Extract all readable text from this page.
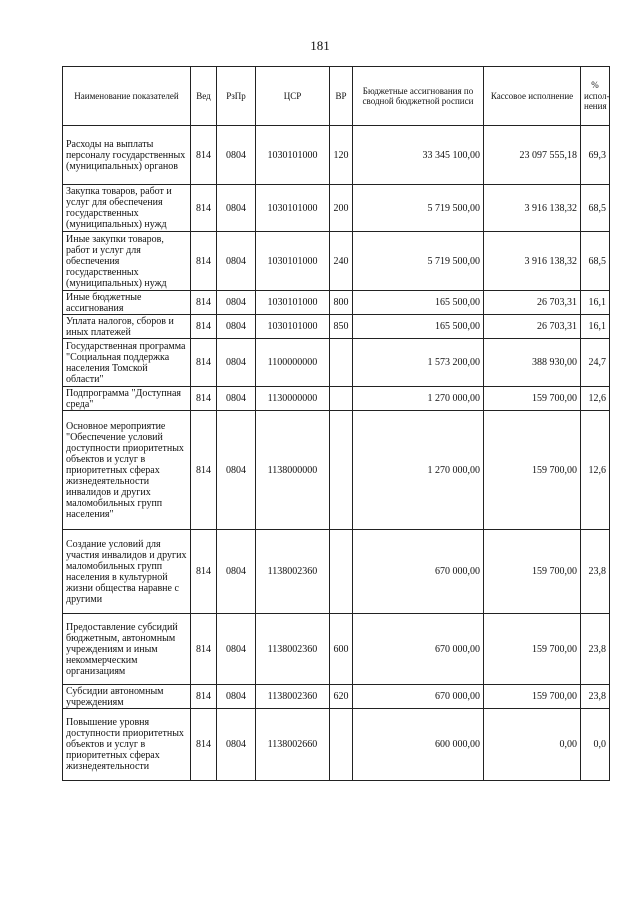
181
Наименование показателей	Вед	РзПр	ЦСР	ВР	Бюджетные ассигнования по сводной бюджетной росписи	Кассовое исполнение	% испол-нения
Расходы на выплаты персоналу государственных (муниципальных) органов	814	0804	1030101000	120	33 345 100,00	23 097 555,18	69,3
Закупка товаров, работ и услуг для обеспечения государственных (муниципальных) нужд	814	0804	1030101000	200	5 719 500,00	3 916 138,32	68,5
Иные закупки товаров, работ и услуг для обеспечения государственных (муниципальных) нужд	814	0804	1030101000	240	5 719 500,00	3 916 138,32	68,5
Иные бюджетные ассигнования	814	0804	1030101000	800	165 500,00	26 703,31	16,1
Уплата налогов, сборов и иных платежей	814	0804	1030101000	850	165 500,00	26 703,31	16,1
Государственная программа "Социальная поддержка населения Томской области"	814	0804	1100000000		1 573 200,00	388 930,00	24,7
Подпрограмма "Доступная среда"	814	0804	1130000000		1 270 000,00	159 700,00	12,6
Основное мероприятие "Обеспечение условий доступности приоритетных объектов и услуг в приоритетных сферах жизнедеятельности инвалидов и других маломобильных групп населения"	814	0804	1138000000		1 270 000,00	159 700,00	12,6
Создание условий для участия инвалидов и других маломобильных групп населения в культурной жизни общества наравне с другими	814	0804	1138002360		670 000,00	159 700,00	23,8
Предоставление субсидий бюджетным, автономным учреждениям и иным некоммерческим организациям	814	0804	1138002360	600	670 000,00	159 700,00	23,8
Субсидии автономным учреждениям	814	0804	1138002360	620	670 000,00	159 700,00	23,8
Повышение уровня доступности приоритетных объектов и услуг в приоритетных сферах жизнедеятельности	814	0804	1138002660		600 000,00	0,00	0,0
